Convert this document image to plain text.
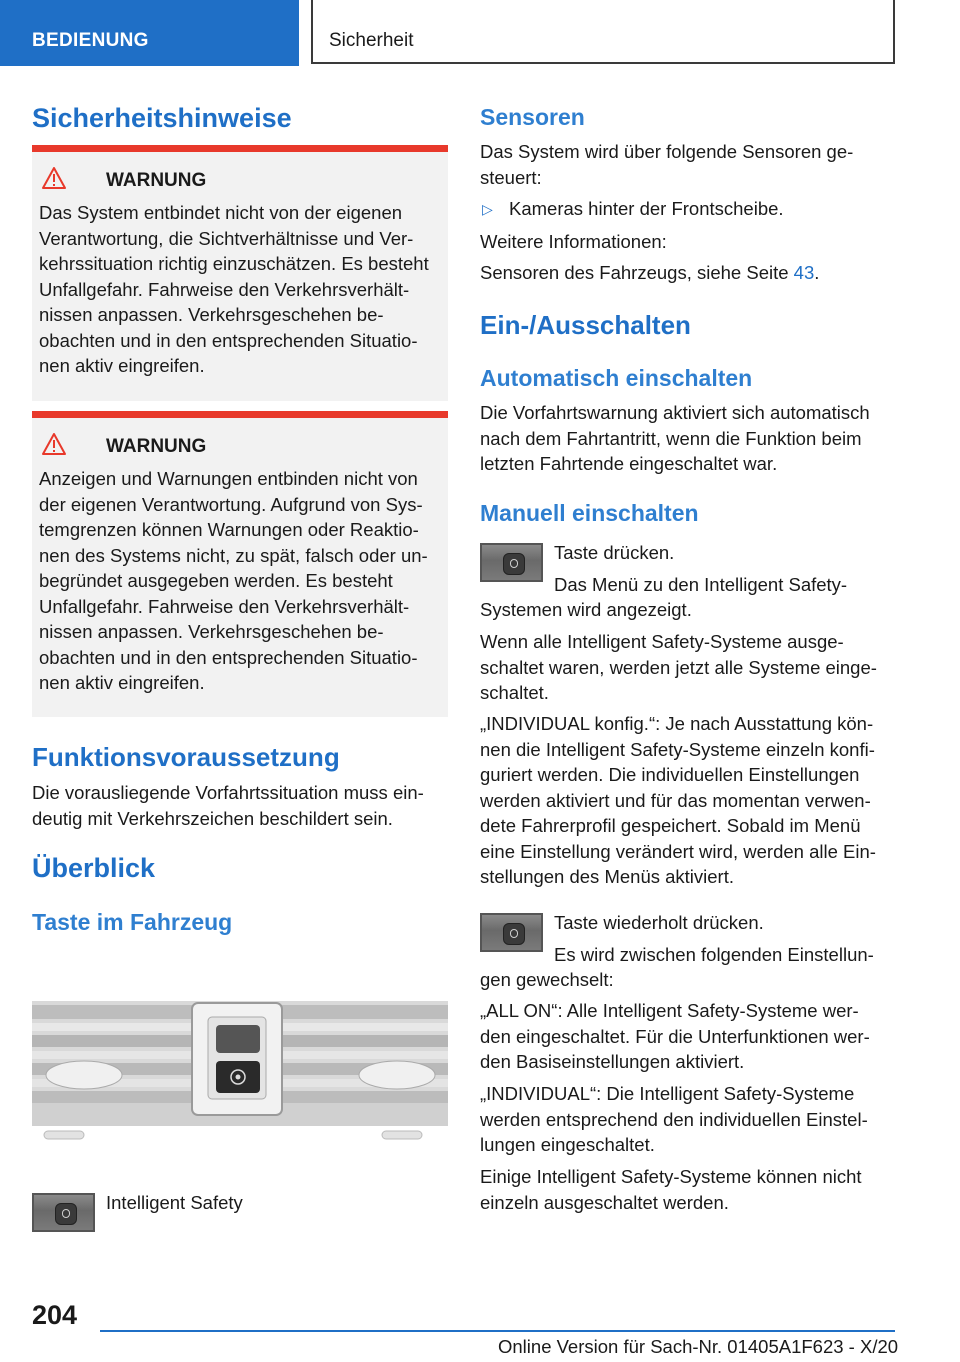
BEDIENUNG	Sicherheit
Sicherheitshinweise
WARNUNG
Das System entbindet nicht von der eigenen
Verantwortung, die Sichtverhältnisse und Ver-
kehrssituation richtig einzuschätzen. Es besteht
Unfallgefahr. Fahrweise den Verkehrsverhält-
nissen anpassen. Verkehrsgeschehen be-
obachten und in den entsprechenden Situatio-
nen aktiv eingreifen.
WARNUNG
Anzeigen und Warnungen entbinden nicht von
der eigenen Verantwortung. Aufgrund von Sys-
temgrenzen können Warnungen oder Reaktio-
nen des Systems nicht, zu spät, falsch oder un-
begründet ausgegeben werden. Es besteht
Unfallgefahr. Fahrweise den Verkehrsverhält-
nissen anpassen. Verkehrsgeschehen be-
obachten und in den entsprechenden Situatio-
nen aktiv eingreifen.
Funktionsvoraussetzung
Die vorausliegende Vorfahrtssituation muss ein-
deutig mit Verkehrszeichen beschildert sein.
Überblick
Taste im Fahrzeug
Intelligent Safety
Sensoren
Das System wird über folgende Sensoren ge-
steuert:
▷ Kameras hinter der Frontscheibe.
Weitere Informationen:
Sensoren des Fahrzeugs, siehe Seite 43.
Ein-/Ausschalten
Automatisch einschalten
Die Vorfahrtswarnung aktiviert sich automatisch
nach dem Fahrtantritt, wenn die Funktion beim
letzten Fahrtende eingeschaltet war.
Manuell einschalten
Taste drücken.
Das Menü zu den Intelligent Safety-
Systemen wird angezeigt.
Wenn alle Intelligent Safety-Systeme ausge-
schaltet waren, werden jetzt alle Systeme einge-
schaltet.
„INDIVIDUAL konfig.“: Je nach Ausstattung kön-
nen die Intelligent Safety-Systeme einzeln konfi-
guriert werden. Die individuellen Einstellungen
werden aktiviert und für das momentan verwen-
dete Fahrerprofil gespeichert. Sobald im Menü
eine Einstellung verändert wird, werden alle Ein-
stellungen des Menüs aktiviert.
Taste wiederholt drücken.
Es wird zwischen folgenden Einstellun-
gen gewechselt:
„ALL ON“: Alle Intelligent Safety-Systeme wer-
den eingeschaltet. Für die Unterfunktionen wer-
den Basiseinstellungen aktiviert.
„INDIVIDUAL“: Die Intelligent Safety-Systeme
werden entsprechend den individuellen Einstel-
lungen eingeschaltet.
Einige Intelligent Safety-Systeme können nicht
einzeln ausgeschaltet werden.
204
Online Version für Sach-Nr. 01405A1F623 - X/20
